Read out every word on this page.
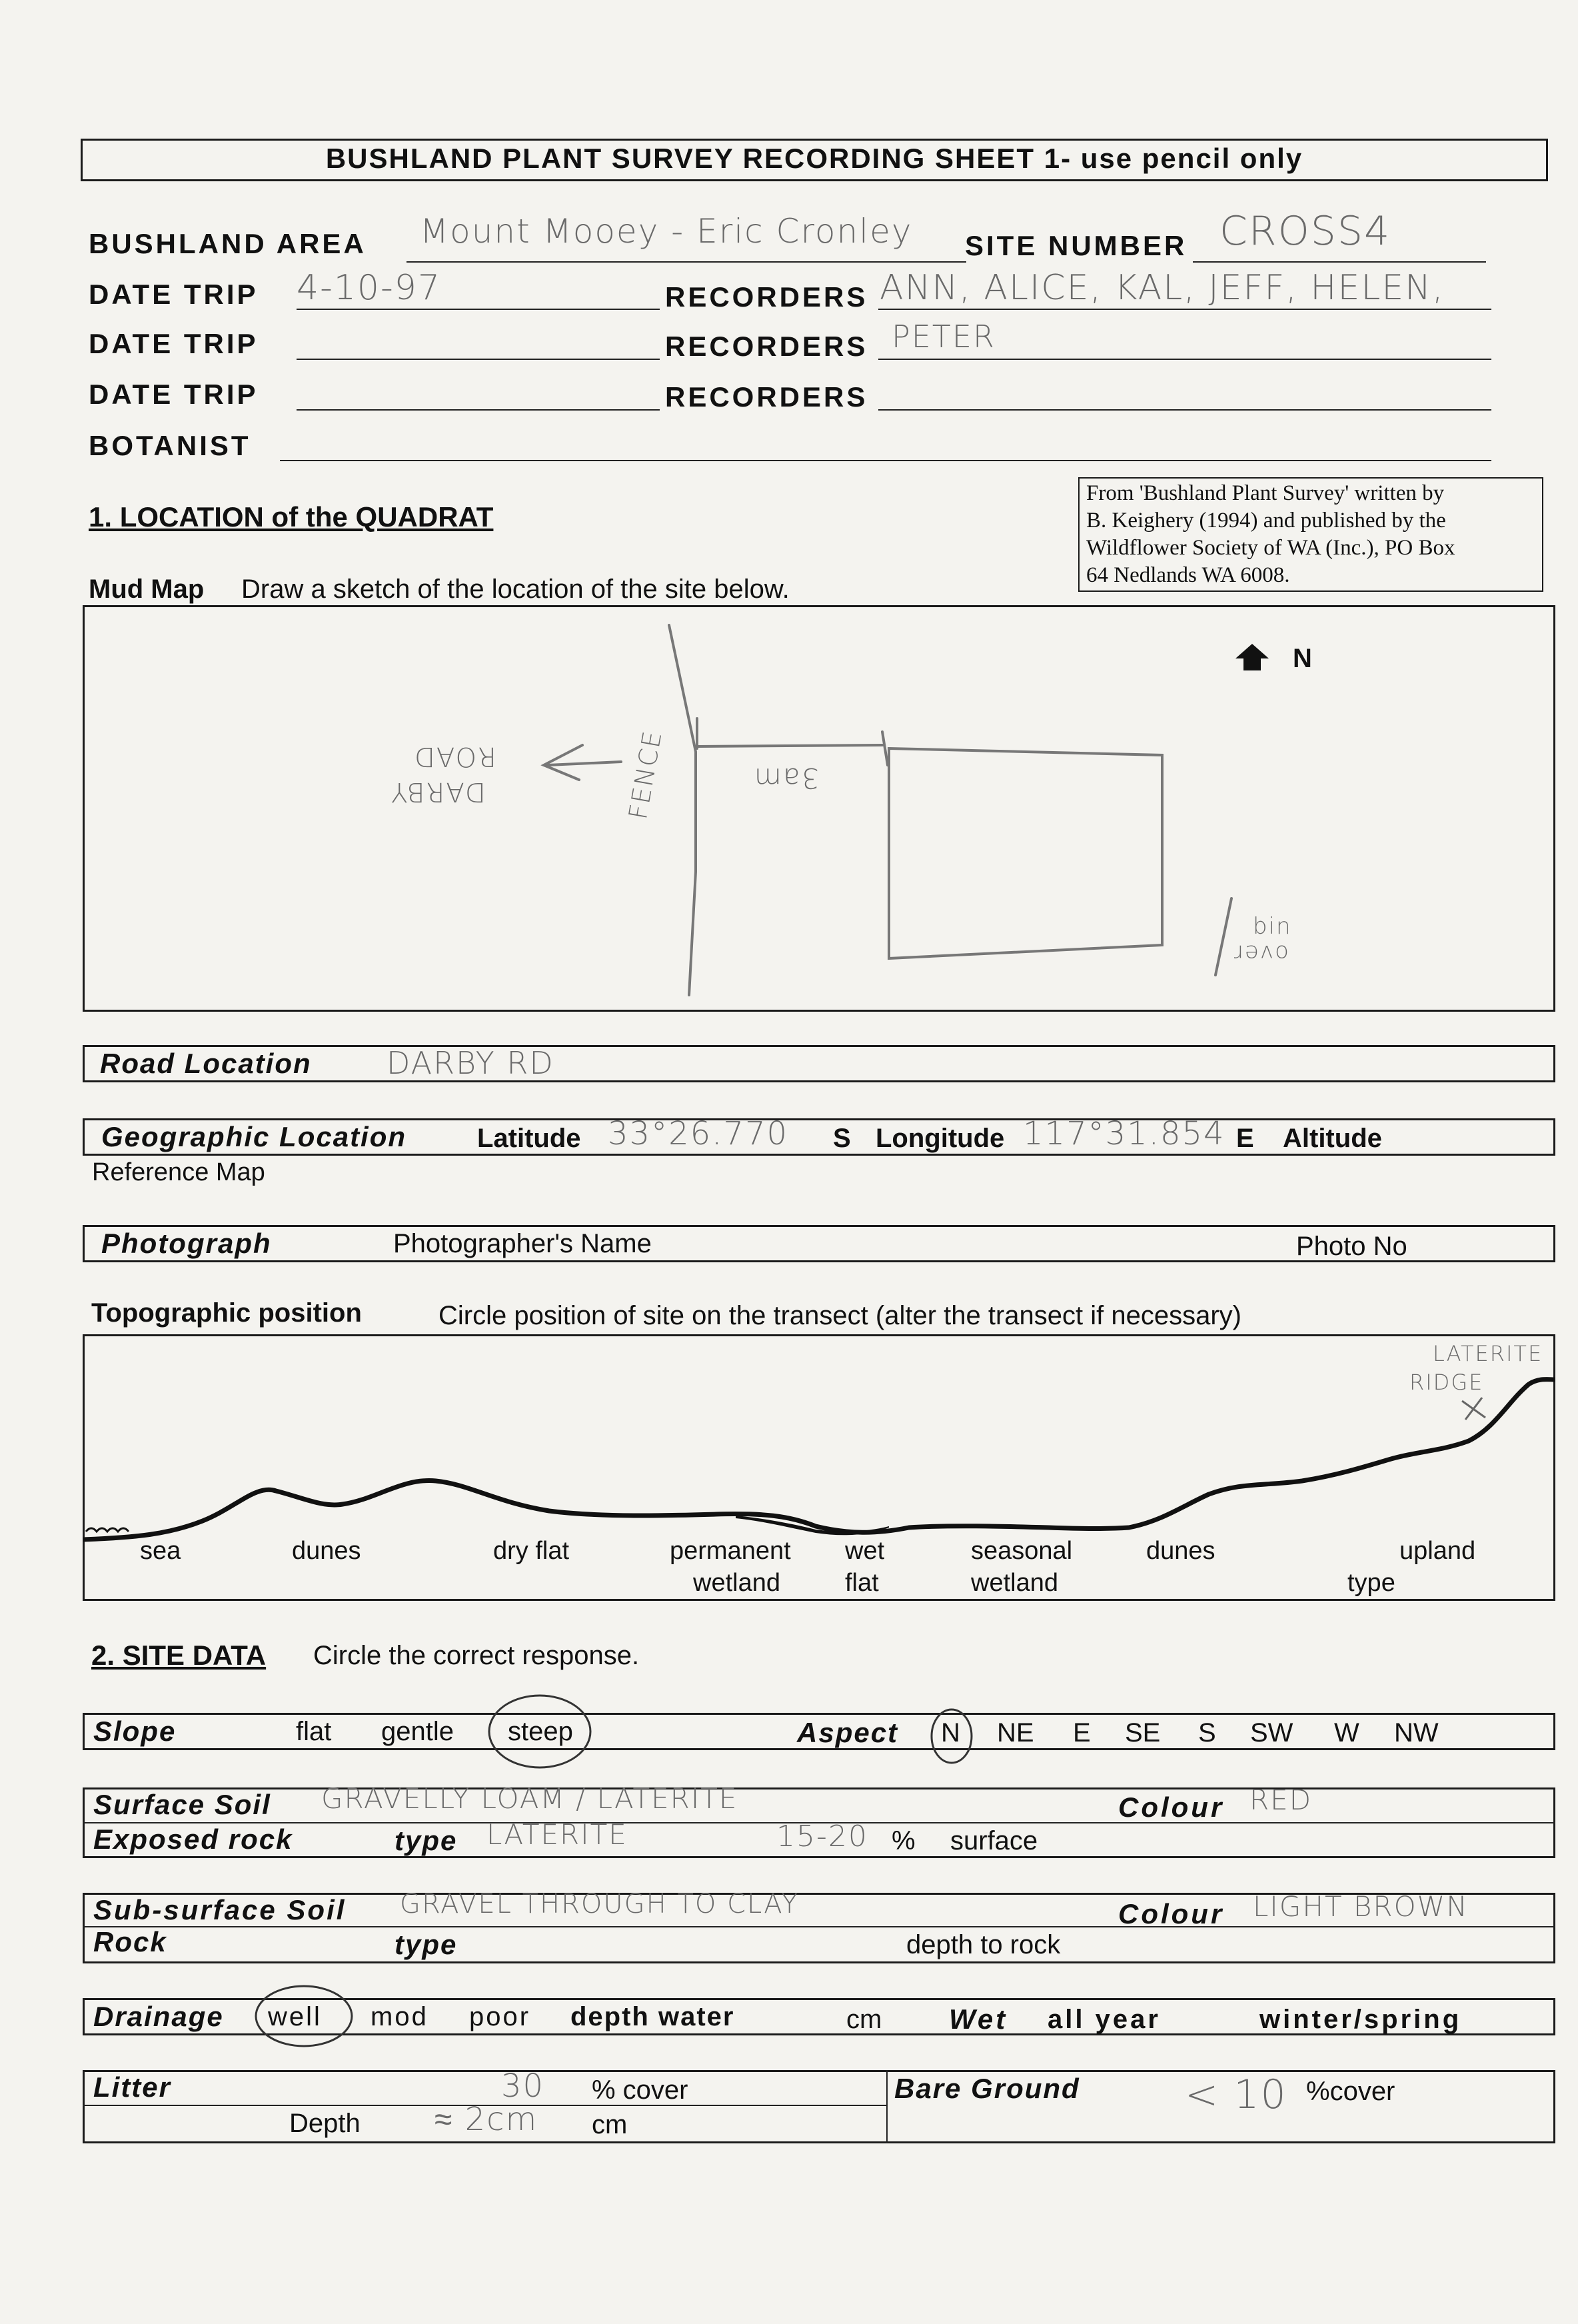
BUSHLAND PLANT SURVEY RECORDING SHEET 1- use pencil only
BUSHLAND AREA Mount Mooey - Eric Cronley SITE NUMBER CROSS4
DATE TRIP 4-10-97	RECORDERS ANN, ALICE, KAL, JEFF, HELEN,
DATE TRIP	RECORDERS PETER
DATE TRIP	RECORDERS
BOTANIST
From 'Bushland Plant Survey' written by
B. Keighery (1994) and published by the
Wildflower Society of WA (Inc.), PO Box
64 Nedlands WA 6008.
1. LOCATION of the QUADRAT
Mud Map Draw a sketch of the location of the site below.
N
DARBY
ROAD	FENCE	3am
bin
over
Road Location DARBY RD
Geographic Location	Latitude 33°26.770 S Longitude 117°31.854 E Altitude
Reference Map
Photograph	Photographer's Name	Photo No
Topographic position	Circle position of site on the transect (alter the transect if necessary)
LATERITE
RIDGE
sea	dunes	dry flat	permanent
wetland
wet
flat
seasonal
wetland
dunes	upland
type
2. SITE DATA Circle the correct response.
Slope	flat gentle steep	Aspect N NE E SE S SW W NW
Surface Soil GRAVELLY LOAM / LATERITE	Colour RED
Exposed rock	type LATERITE	15-20 % surface
Sub-surface Soil GRAVEL THROUGH TO CLAY	Colour LIGHT BROWN
Rock	type	depth to rock
Drainage well mod poor depth water	cm Wet all year	winter/spring
Litter	30 % cover
Depth ≈ 2cm cm
Bare Ground	< 10 %cover
